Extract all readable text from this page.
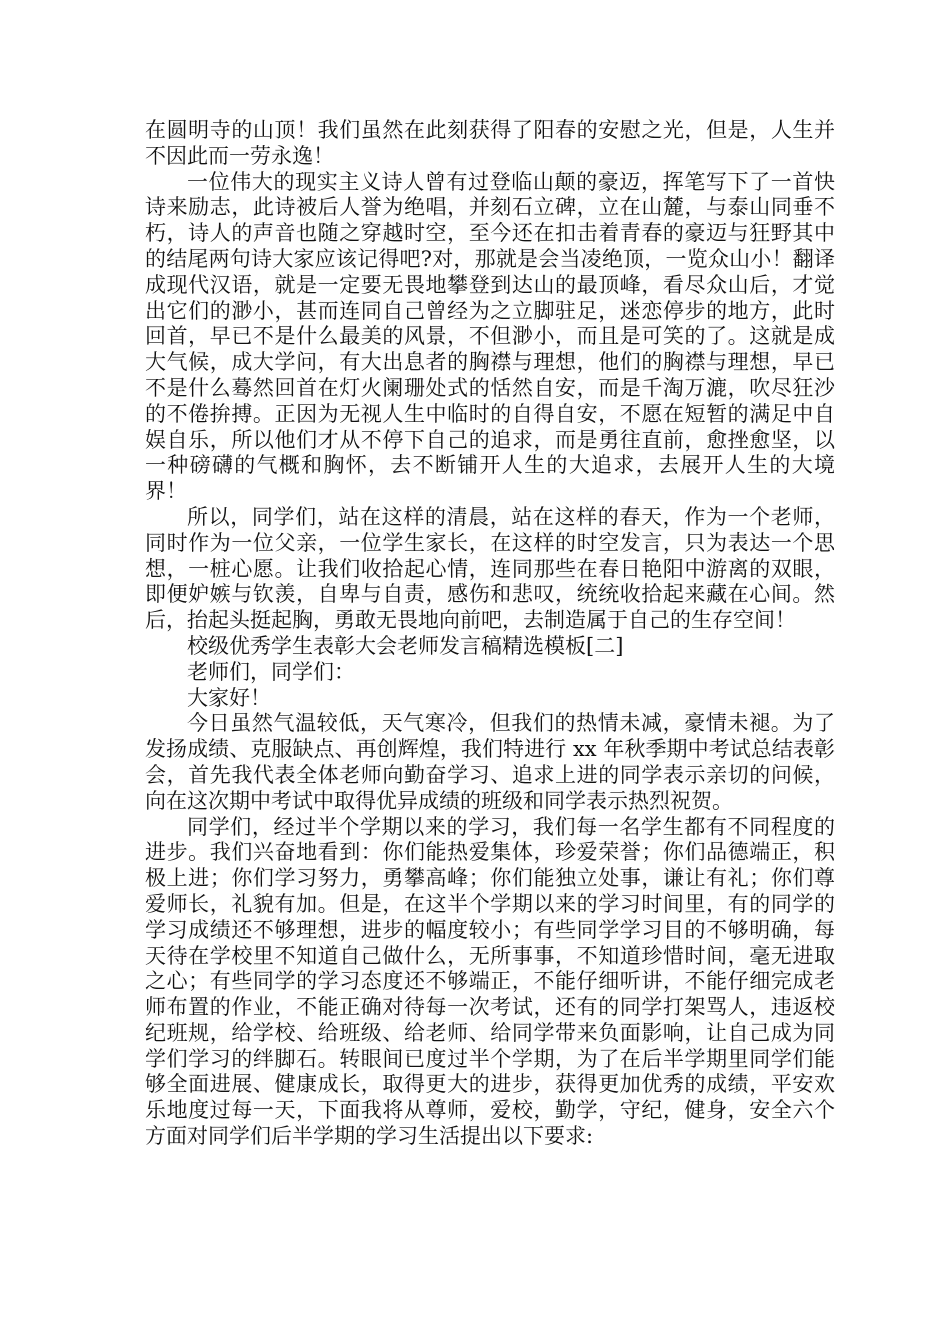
在圆明寺的山顶！我们虽然在此刻获得了阳春的安慰之光，但是，人生并不因此而一劳永逸！

一位伟大的现实主义诗人曾有过登临山颠的豪迈，挥笔写下了一首快诗来励志，此诗被后人誉为绝唱，并刻石立碑，立在山麓，与泰山同垂不朽，诗人的声音也随之穿越时空，至今还在扣击着青春的豪迈与狂野其中的结尾两句诗大家应该记得吧?对，那就是会当凌绝顶，一览众山小！翻译成现代汉语，就是一定要无畏地攀登到达山的最顶峰，看尽众山后，才觉出它们的渺小，甚而连同自己曾经为之立脚驻足，迷恋停步的地方，此时回首，早已不是什么最美的风景，不但渺小，而且是可笑的了。这就是成大气候，成大学问，有大出息者的胸襟与理想，他们的胸襟与理想，早已不是什么蓦然回首在灯火阑珊处式的恬然自安，而是千淘万漉，吹尽狂沙的不倦拚搏。正因为无视人生中临时的自得自安，不愿在短暂的满足中自娱自乐，所以他们才从不停下自己的追求，而是勇往直前，愈挫愈坚，以一种磅礴的气概和胸怀，去不断铺开人生的大追求，去展开人生的大境界！

所以，同学们，站在这样的清晨，站在这样的春天，作为一个老师，同时作为一位父亲，一位学生家长，在这样的时空发言，只为表达一个思想，一桩心愿。让我们收拾起心情，连同那些在春日艳阳中游离的双眼，即便妒嫉与钦羡，自卑与自责，感伤和悲叹，统统收拾起来藏在心间。然后，抬起头挺起胸，勇敢无畏地向前吧，去制造属于自己的生存空间！

校级优秀学生表彰大会老师发言稿精选模板[二]

老师们，同学们：

大家好！

今日虽然气温较低，天气寒冷，但我们的热情未减，豪情未褪。为了发扬成绩、克服缺点、再创辉煌，我们特进行 xx 年秋季期中考试总结表彰会，首先我代表全体老师向勤奋学习、追求上进的同学表示亲切的问候，向在这次期中考试中取得优异成绩的班级和同学表示热烈祝贺。

同学们，经过半个学期以来的学习，我们每一名学生都有不同程度的进步。我们兴奋地看到：你们能热爱集体，珍爱荣誉；你们品德端正，积极上进；你们学习努力，勇攀高峰；你们能独立处事，谦让有礼；你们尊爱师长，礼貌有加。但是，在这半个学期以来的学习时间里，有的同学的学习成绩还不够理想，进步的幅度较小；有些同学学习目的不够明确，每天待在学校里不知道自己做什么，无所事事，不知道珍惜时间，毫无进取之心；有些同学的学习态度还不够端正，不能仔细听讲，不能仔细完成老师布置的作业，不能正确对待每一次考试，还有的同学打架骂人，违返校纪班规，给学校、给班级、给老师、给同学带来负面影响，让自己成为同学们学习的绊脚石。转眼间已度过半个学期，为了在后半学期里同学们能够全面进展、健康成长，取得更大的进步，获得更加优秀的成绩，平安欢乐地度过每一天，下面我将从尊师，爱校，勤学，守纪，健身，安全六个方面对同学们后半学期的学习生活提出以下要求:
